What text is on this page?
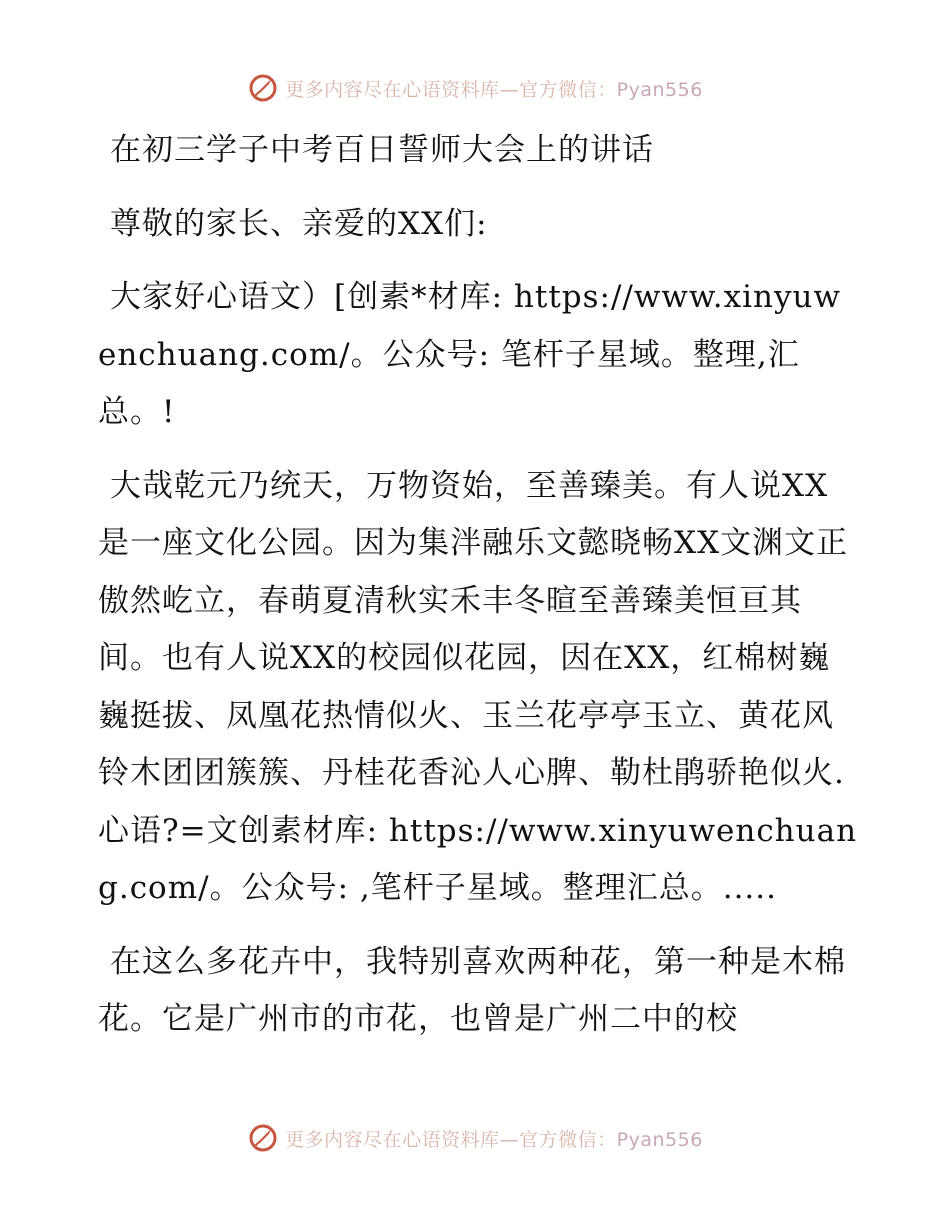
更多内容尽在心语资料库—官方微信：Pyan556
在初三学子中考百日誓师大会上的讲话
尊敬的家长、亲爱的XX们:
大家好心语文）[创素*材库: https://www.xinyuwenchuang.com/。公众号: 笔杆子星域。整理,汇总。!
大哉乾元乃统天，万物资始，至善臻美。有人说XX是一座文化公园。因为集泮融乐文懿晓畅XX文渊文正傲然屹立，春萌夏清秋实禾丰冬暄至善臻美恒亘其间。也有人说XX的校园似花园，因在XX，红棉树巍巍挺拔、凤凰花热情似火、玉兰花亭亭玉立、黄花风铃木团团簇簇、丹桂花香沁人心脾、勒杜鹃骄艳似火.心语?=文创素材库: https://www.xinyuwenchuang.com/。公众号: ,笔杆子星域。整理汇总。.....
在这么多花卉中，我特别喜欢两种花，第一种是木棉花。它是广州市的市花，也曾是广州二中的校
更多内容尽在心语资料库—官方微信：Pyan556
